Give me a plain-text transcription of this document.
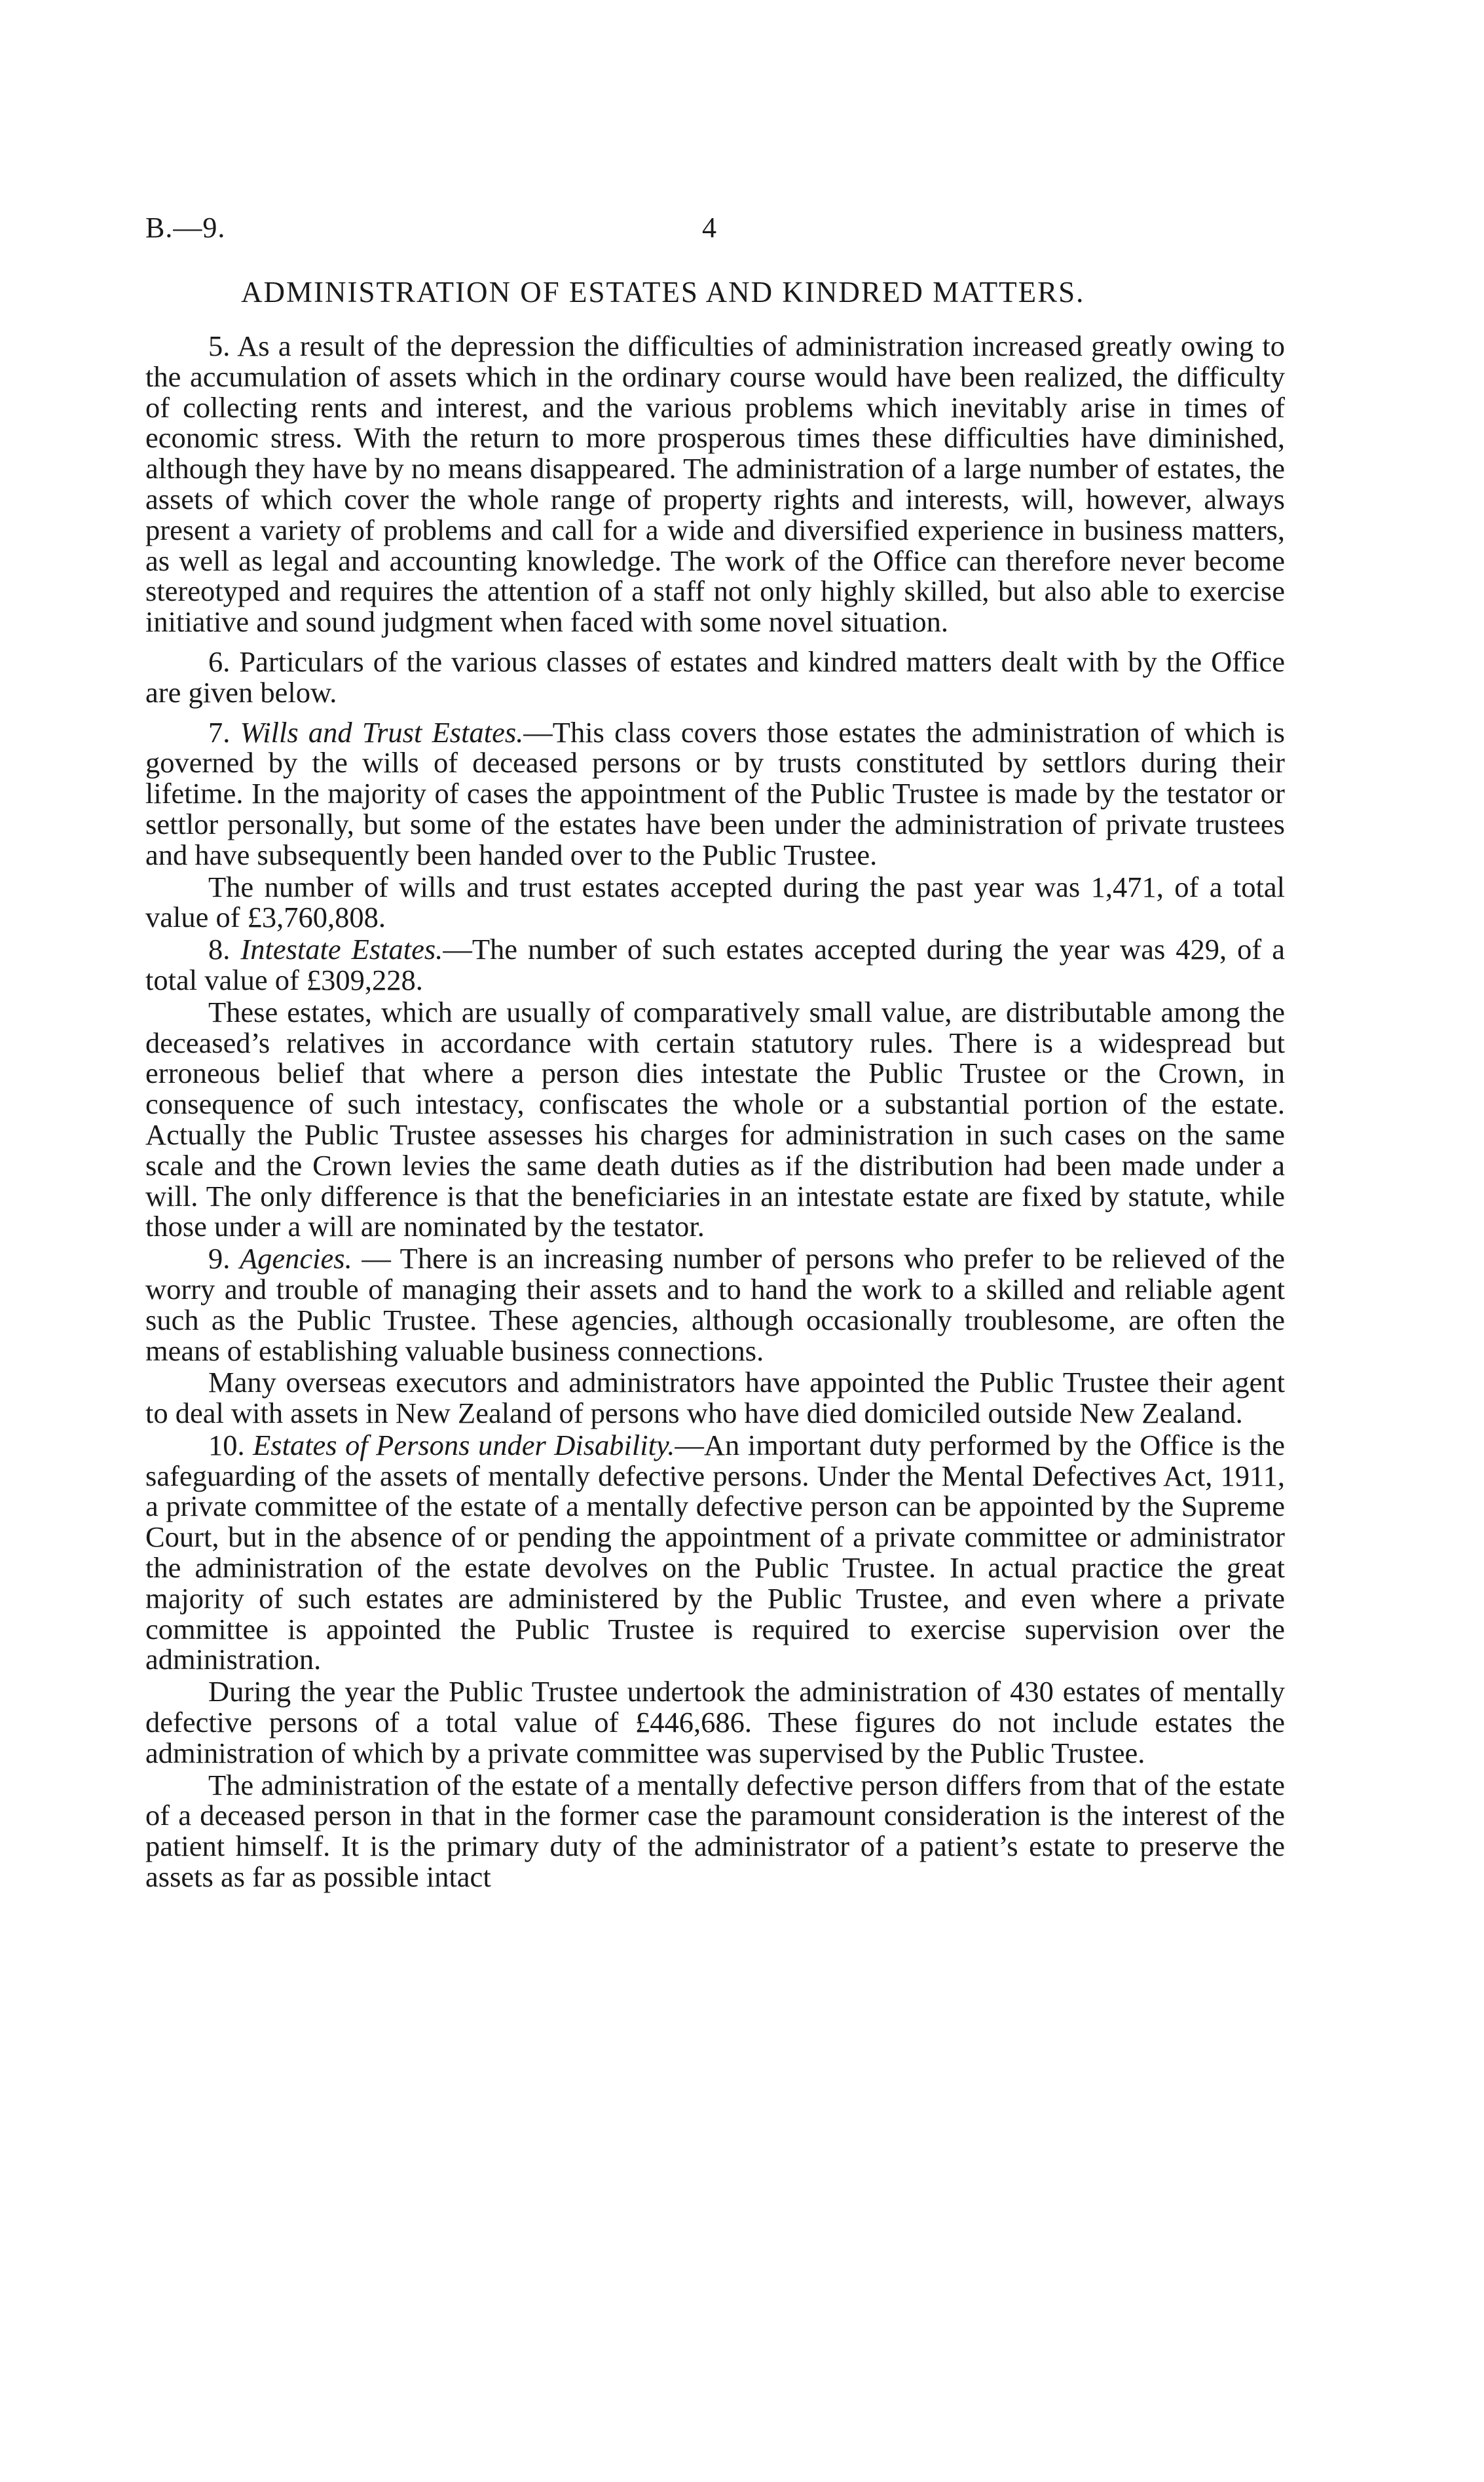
B.—9.	4
ADMINISTRATION OF ESTATES AND KINDRED MATTERS.

5. As a result of the depression the difficulties of administration increased greatly owing to the accumulation of assets which in the ordinary course would have been realized, the difficulty of collecting rents and interest, and the various problems which inevitably arise in times of economic stress. With the return to more prosperous times these difficulties have diminished, although they have by no means disappeared. The administration of a large number of estates, the assets of which cover the whole range of property rights and interests, will, however, always present a variety of problems and call for a wide and diversified experience in business matters, as well as legal and accounting knowledge. The work of the Office can therefore never become stereotyped and requires the attention of a staff not only highly skilled, but also able to exercise initiative and sound judgment when faced with some novel situation.

6. Particulars of the various classes of estates and kindred matters dealt with by the Office are given below.

7. Wills and Trust Estates.—This class covers those estates the administration of which is governed by the wills of deceased persons or by trusts constituted by settlors during their lifetime. In the majority of cases the appointment of the Public Trustee is made by the testator or settlor personally, but some of the estates have been under the administration of private trustees and have subsequently been handed over to the Public Trustee.

The number of wills and trust estates accepted during the past year was 1,471, of a total value of £3,760,808.

8. Intestate Estates.—The number of such estates accepted during the year was 429, of a total value of £309,228.

These estates, which are usually of comparatively small value, are distributable among the deceased’s relatives in accordance with certain statutory rules. There is a widespread but erroneous belief that where a person dies intestate the Public Trustee or the Crown, in consequence of such intestacy, confiscates the whole or a substantial portion of the estate. Actually the Public Trustee assesses his charges for administration in such cases on the same scale and the Crown levies the same death duties as if the distribution had been made under a will. The only difference is that the beneficiaries in an intestate estate are fixed by statute, while those under a will are nominated by the testator.

9. Agencies. — There is an increasing number of persons who prefer to be relieved of the worry and trouble of managing their assets and to hand the work to a skilled and reliable agent such as the Public Trustee. These agencies, although occasionally troublesome, are often the means of establishing valuable business connections.

Many overseas executors and administrators have appointed the Public Trustee their agent to deal with assets in New Zealand of persons who have died domiciled outside New Zealand.

10. Estates of Persons under Disability.—An important duty performed by the Office is the safeguarding of the assets of mentally defective persons. Under the Mental Defectives Act, 1911, a private committee of the estate of a mentally defective person can be appointed by the Supreme Court, but in the absence of or pending the appointment of a private committee or administrator the administration of the estate devolves on the Public Trustee. In actual practice the great majority of such estates are administered by the Public Trustee, and even where a private committee is appointed the Public Trustee is required to exercise supervision over the administration.

During the year the Public Trustee undertook the administration of 430 estates of mentally defective persons of a total value of £446,686. These figures do not include estates the administration of which by a private committee was supervised by the Public Trustee.

The administration of the estate of a mentally defective person differs from that of the estate of a deceased person in that in the former case the paramount consideration is the interest of the patient himself. It is the primary duty of the administrator of a patient’s estate to preserve the assets as far as possible intact
